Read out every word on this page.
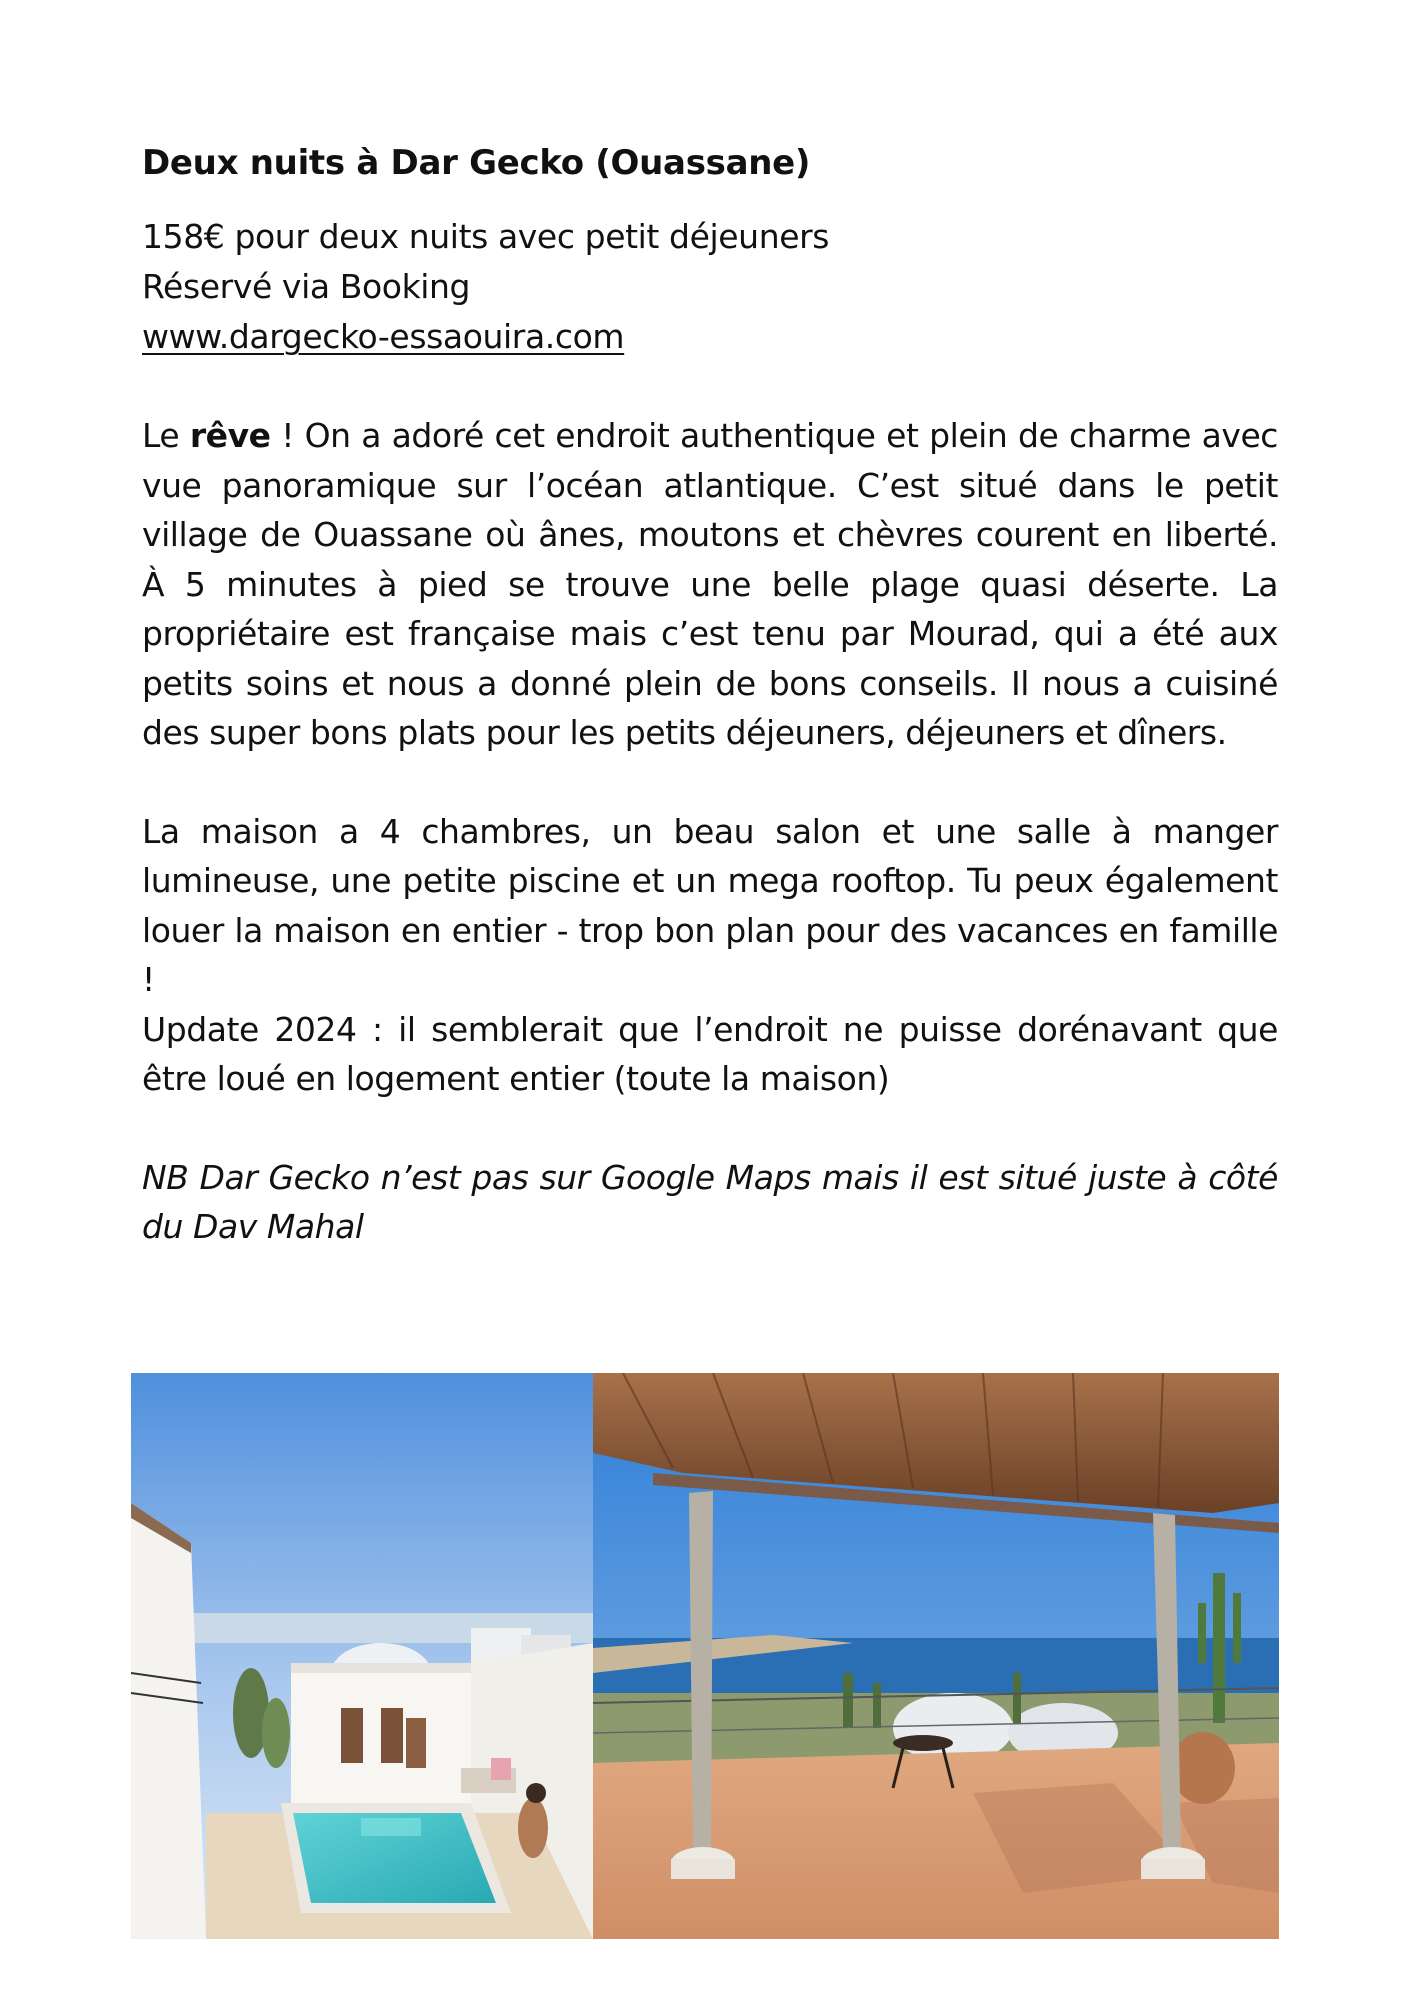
Deux nuits à Dar Gecko (Ouassane)

158€ pour deux nuits avec petit déjeuners

Réservé via Booking

www.dargecko-essaouira.com

Le rêve ! On a adoré cet endroit authentique et plein de charme avec vue panoramique sur l’océan atlantique. C’est situé dans le petit village de Ouassane où ânes, moutons et chèvres courent en liberté. À 5 minutes à pied se trouve une belle plage quasi déserte. La propriétaire est française mais c’est tenu par Mourad, qui a été aux petits soins et nous a donné plein de bons conseils. Il nous a cuisiné des super bons plats pour les petits déjeuners, déjeuners et dîners.

La maison a 4 chambres, un beau salon et une salle à manger lumineuse, une petite piscine et un mega rooftop. Tu peux également louer la maison en entier - trop bon plan pour des vacances en famille !

Update 2024 : il semblerait que l’endroit ne puisse dorénavant que être loué en logement entier (toute la maison)

NB Dar Gecko n’est pas sur Google Maps mais il est situé juste à côté du Dav Mahal
